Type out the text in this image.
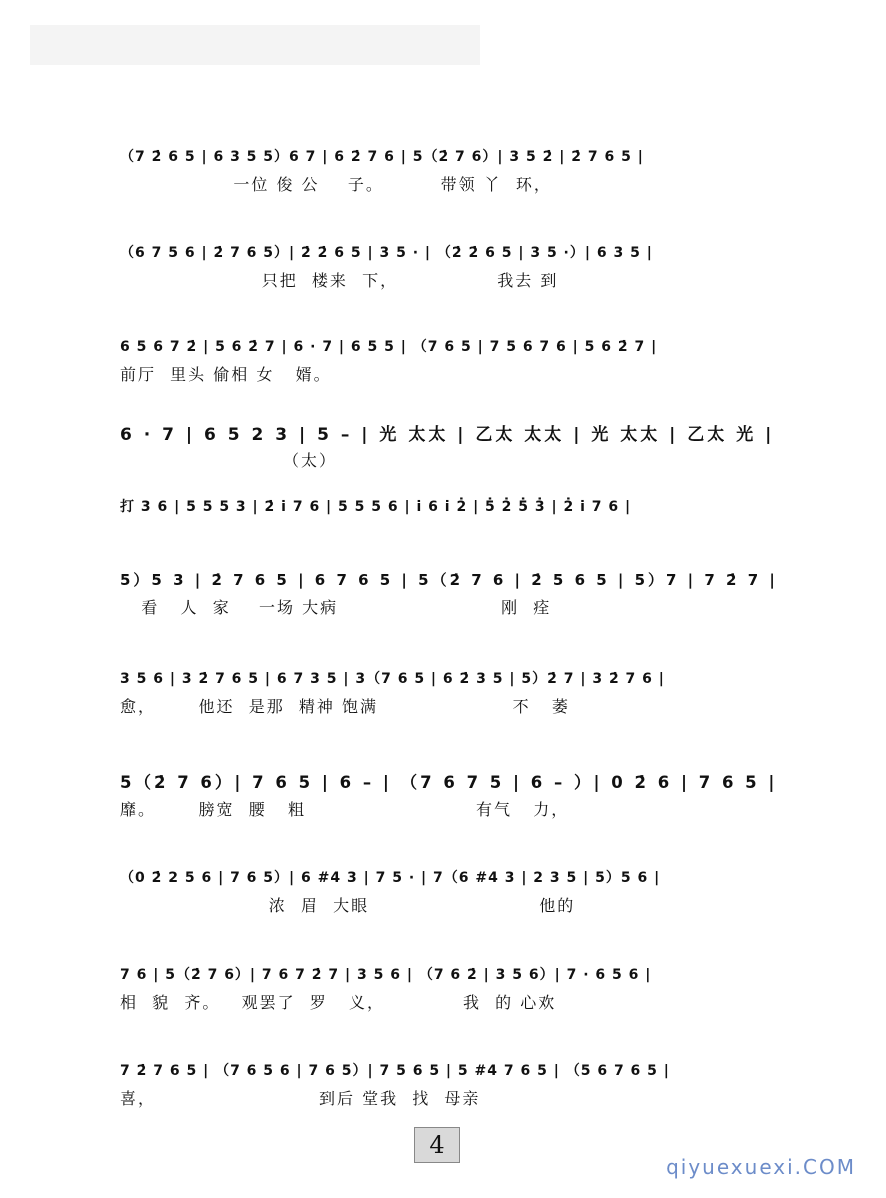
（7 2̇ 6 5 | 6 3 5 5）6 7 | 6 2̇ 7 6 | 5（2̇ 7 6）| 3 5 2̇ | 2̇ 7 6 5 |
一位 俊 公    子。        带领 丫  环，
（6 7 5 6 | 2̇ 7 6 5）| 2̇ 2̇ 6 5 | 3 5 · | （2̇ 2̇ 6 5 | 3 5 ·）| 6 3 5 |
只把  楼来  下，              我去 到
6 5 6 7 2̇ | 5 6 2̇ 7 | 6 · 7 | 6 5 5 | （7 6 5 | 7 5 6 7 6 | 5 6 2̇ 7 |
前厅  里头 偷相 女   婿。
6 · 7 | 6 5 2 3 | 5 – | 光 太太 | 乙太 太太 | 光 太太 | 乙太 光 |
（太）
打 3 6 | 5 5 5 3 | 2̇ i̇ 7 6 | 5 5 5 6 | i̇ 6 i̇ 2̇ | 5̇ 2̇ 5̇ 3̇ | 2̇ i̇ 7 6 |
5）5 3 | 2̇ 7 6 5 | 6 7 6 5 | 5（2̇ 7 6 | 2̇ 5 6 5 | 5）7 | 7 2̇ 7 |
看   人  家    一场 大病                       刚  痊
3 5 6 | 3 2̇ 7 6 5 | 6 7 3 5 | 3（7 6 5 | 6 2̇ 3 5 | 5）2̇ 7 | 3 2̇ 7 6 |
愈，      他还  是那  精神 饱满                   不   萎
5（2̇ 7 6）| 7 6 5 | 6 – | （7 6 7 5 | 6 – ）| 0 2̇ 6 | 7 6 5 |
靡。      膀宽  腰   粗                        有气   力，
（0 2̇ 2 5 6 | 7 6 5）| 6 #4 3 | 7 5 · | 7（6 #4 3 | 2 3 5 | 5）5 6 |
浓  眉  大眼                        他的
7 6 | 5（2̇ 7 6）| 7 6 7 2̇ 7 | 3 5 6 | （7 6 2̇ | 3 5 6）| 7 · 6 5 6 |
相  貌  齐。   观罢了  罗   义，           我  的 心欢
7 2̇ 7 6 5 | （7 6 5 6 | 7 6 5）| 7 5 6 5 | 5 #4 7 6 5 | （5 6 7 6 5 |
喜，                       到后 堂我  找  母亲
4
qiyuexuexi.COM
